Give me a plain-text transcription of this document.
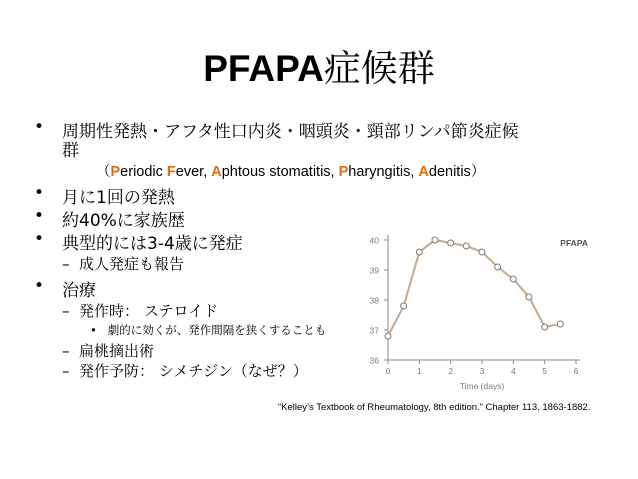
PFAPA症候群
• 周期性発熱・アフタ性口内炎・咽頭炎・頸部リンパ節炎症候
群
（Periodic Fever, Aphtous stomatitis, Pharyngitis, Adenitis）
• 月に1回の発熱
• 約40%に家族歴
• 典型的には3-4歳に発症
– 成人発症も報告
• 治療
– 発作時： ステロイド
• 劇的に効くが、発作間隔を狭くすることも
– 扁桃摘出術
– 発作予防： シメチジン（なぜ？）
36
37
38
39
40
0	1	2	3	4	5	6
Time (days)
PFAPA
“Kelley’s Textbook of Rheumatology, 8th edition.” Chapter 113, 1863-1882.
